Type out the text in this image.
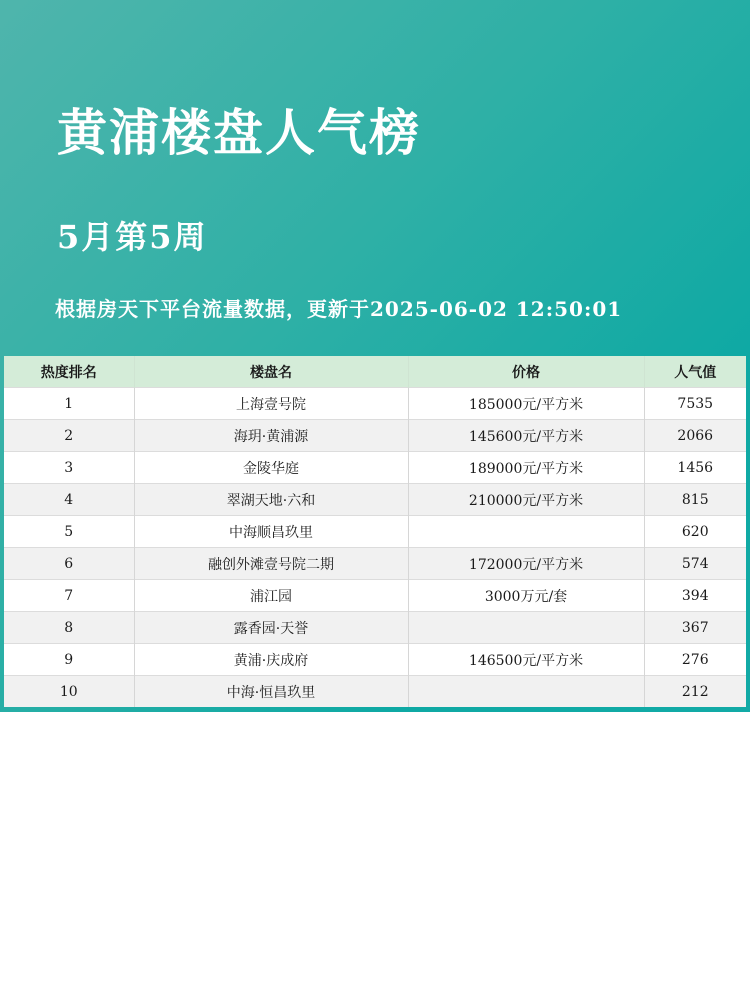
黄浦楼盘人气榜
5月第5周
根据房天下平台流量数据，更新于2025-06-02 12:50:01
热度排名	楼盘名	价格	人气值
1	上海壹号院	185000元/平方米	7535
2	海玥·黄浦源	145600元/平方米	2066
3	金陵华庭	189000元/平方米	1456
4	翠湖天地·六和	210000元/平方米	815
5	中海顺昌玖里		620
6	融创外滩壹号院二期	172000元/平方米	574
7	浦江园	3000万元/套	394
8	露香园·天誉		367
9	黄浦·庆成府	146500元/平方米	276
10	中海·恒昌玖里		212
